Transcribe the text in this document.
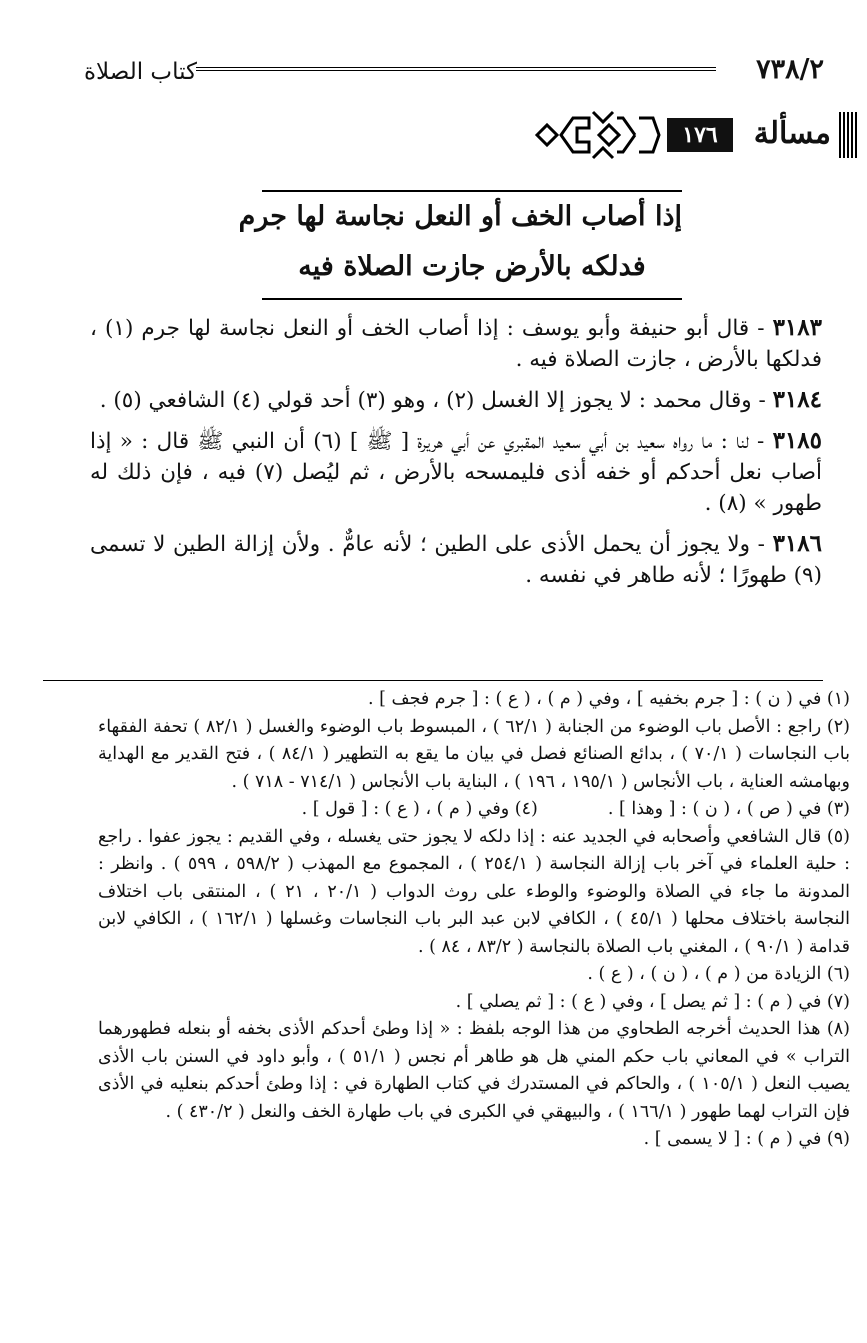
٧٣٨/٢
كتاب الصلاة
مسألة
١٧٦
إذا أصاب الخف أو النعل نجاسة لها جرم
فدلكه بالأرض جازت الصلاة فيه

٣١٨٣ - قال أبو حنيفة وأبو يوسف : إذا أصاب الخف أو النعل نجاسة لها جرم (١) ، فدلكها بالأرض ، جازت الصلاة فيه .

٣١٨٤ - وقال محمد : لا يجوز إلا الغسل (٢) ، وهو (٣) أحد قولي (٤) الشافعي (٥) .

٣١٨٥ - لنا : ما رواه سعيد بن أبي سعيد المقبري عن أبي هريرة [ ﷺ ] (٦) أن النبي ﷺ قال : « إذا أصاب نعل أحدكم أو خفه أذى فليمسحه بالأرض ، ثم ليُصل (٧) فيه ، فإن ذلك له طهور » (٨) .

٣١٨٦ - ولا يجوز أن يحمل الأذى على الطين ؛ لأنه عامٌّ . ولأن إزالة الطين لا تسمى (٩) طهورًا ؛ لأنه طاهر في نفسه .

(١) في ( ن ) : [ جرم بخفيه ] ، وفي ( م ) ، ( ع ) : [ جرم فجف ] .

(٢) راجع : الأصل باب الوضوء من الجنابة ( ٦٢/١ ) ، المبسوط باب الوضوء والغسل ( ٨٢/١ ) تحفة الفقهاء باب النجاسات ( ٧٠/١ ) ، بدائع الصنائع فصل في بيان ما يقع به التطهير ( ٨٤/١ ) ، فتح القدير مع الهداية وبهامشه العناية ، باب الأنجاس ( ١٩٥/١ ، ١٩٦ ) ، البناية باب الأنجاس ( ٧١٤/١ - ٧١٨ ) .

(٣) في ( ص ) ، ( ن ) : [ وهذا ] .

(٤) وفي ( م ) ، ( ع ) : [ قول ] .

(٥) قال الشافعي وأصحابه في الجديد عنه : إذا دلكه لا يجوز حتى يغسله ، وفي القديم : يجوز عفوا . راجع : حلية العلماء في آخر باب إزالة النجاسة ( ٢٥٤/١ ) ، المجموع مع المهذب ( ٥٩٨/٢ ، ٥٩٩ ) . وانظر : المدونة ما جاء في الصلاة والوضوء والوطء على روث الدواب ( ٢٠/١ ، ٢١ ) ، المنتقى باب اختلاف النجاسة باختلاف محلها ( ٤٥/١ ) ، الكافي لابن عبد البر باب النجاسات وغسلها ( ١٦٢/١ ) ، الكافي لابن قدامة ( ٩٠/١ ) ، المغني باب الصلاة بالنجاسة ( ٨٣/٢ ، ٨٤ ) .

(٦) الزيادة من ( م ) ، ( ن ) ، ( ع ) .

(٧) في ( م ) : [ ثم يصل ] ، وفي ( ع ) : [ ثم يصلي ] .

(٨) هذا الحديث أخرجه الطحاوي من هذا الوجه بلفظ : « إذا وطئ أحدكم الأذى بخفه أو بنعله فطهورهما التراب » في المعاني باب حكم المني هل هو طاهر أم نجس ( ٥١/١ ) ، وأبو داود في السنن باب الأذى يصيب النعل ( ١٠٥/١ ) ، والحاكم في المستدرك في كتاب الطهارة في : إذا وطئ أحدكم بنعليه في الأذى فإن التراب لهما طهور ( ١٦٦/١ ) ، والبيهقي في الكبرى في باب طهارة الخف والنعل ( ٤٣٠/٢ ) .

(٩) في ( م ) : [ لا يسمى ] .
